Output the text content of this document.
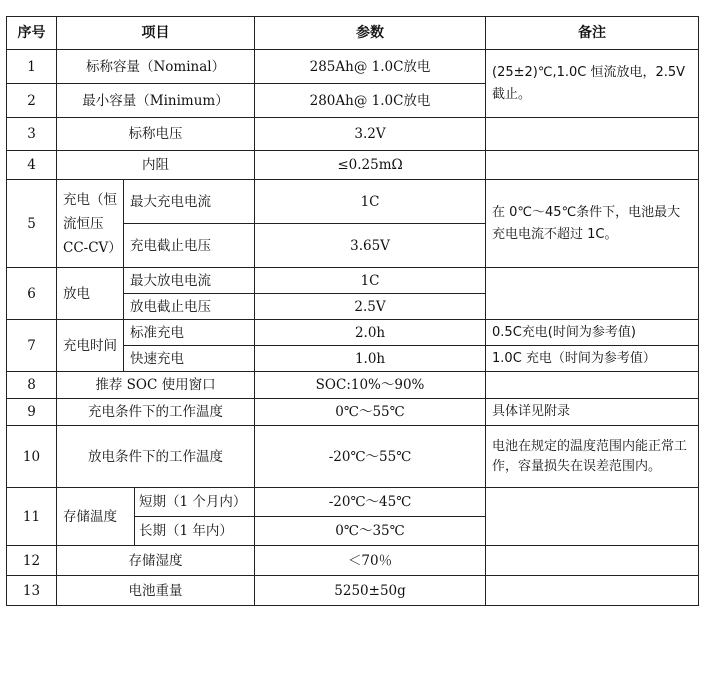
序号	项目			参数	备注
1	标称容量（Nominal）			285Ah@ 1.0C放电	(25±2)℃,1.0C 恒流放电，2.5V 截止。
2	最小容量（Minimum）			280Ah@ 1.0C放电	
3	标称电压			3.2V	
4	内阻			≤0.25mΩ	
5	充电（恒流恒压CC-CV）	最大充电电流		1C	在 0℃～45℃条件下，电池最大充电电流不超过 1C。
		充电截止电压		3.65V	
6	放电	最大放电电流		1C	
		放电截止电压		2.5V	
7	充电时间	标准充电		2.0h	0.5C充电(时间为参考值)
		快速充电		1.0h	1.0C 充电（时间为参考值）
8	推荐 SOC 使用窗口			SOC:10%～90%	
9	充电条件下的工作温度			0℃～55℃	具体详见附录
10	放电条件下的工作温度			-20℃～55℃	电池在规定的温度范围内能正常工作，容量损失在误差范围内。
11	存储温度		短期（1 个月内）	-20℃～45℃	
			长期（1 年内）	0℃～35℃	
12	存储湿度			＜70％	
13	电池重量			5250±50g	
